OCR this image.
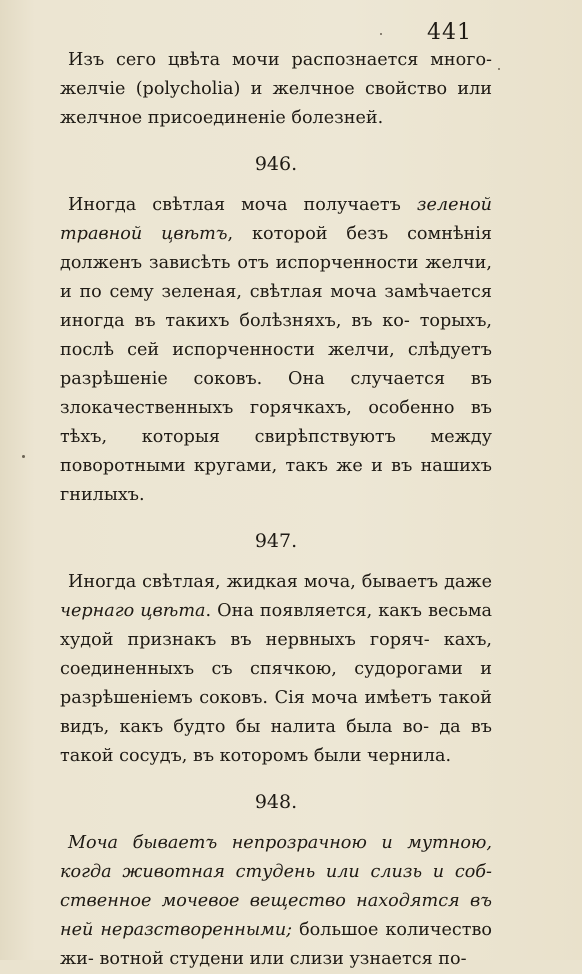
441

Изъ сего цвѣта мочи распознается много- желчіе (polycholia) и желчное свойство или желчное присоединеніе болезней.

946.

Иногда свѣтлая моча получаетъ зеленой травной цвѣтъ, которой безъ сомнѣнія долженъ зависѣть отъ испорченности желчи, и по сему зеленая, свѣтлая моча замѣчается иногда въ такихъ болѣзняхъ, въ ко- торыхъ, послѣ сей испорченности желчи, слѣдуетъ разрѣшеніе соковъ. Она случается въ злокачественныхъ горячкахъ, особенно въ тѣхъ, которыя свирѣпствуютъ между поворотными кругами, такъ же и въ нашихъ гнилыхъ.

947.

Иногда свѣтлая, жидкая моча, бываетъ даже чернаго цвѣта. Она появляется, какъ весьма худой признакъ въ нервныхъ горяч- кахъ, соединенныхъ съ спячкою, судорогами и разрѣшеніемъ соковъ. Сія моча имѣетъ такой видъ, какъ будто бы налита была во- да въ такой сосудъ, въ которомъ были чернила.

948.

Моча бываетъ непрозрачною и мутною, когда животная студень или слизь и соб- ственное мочевое вещество находятся въ ней неразстворенными; большое количество жи- вотной студени или слизи узнается по-
